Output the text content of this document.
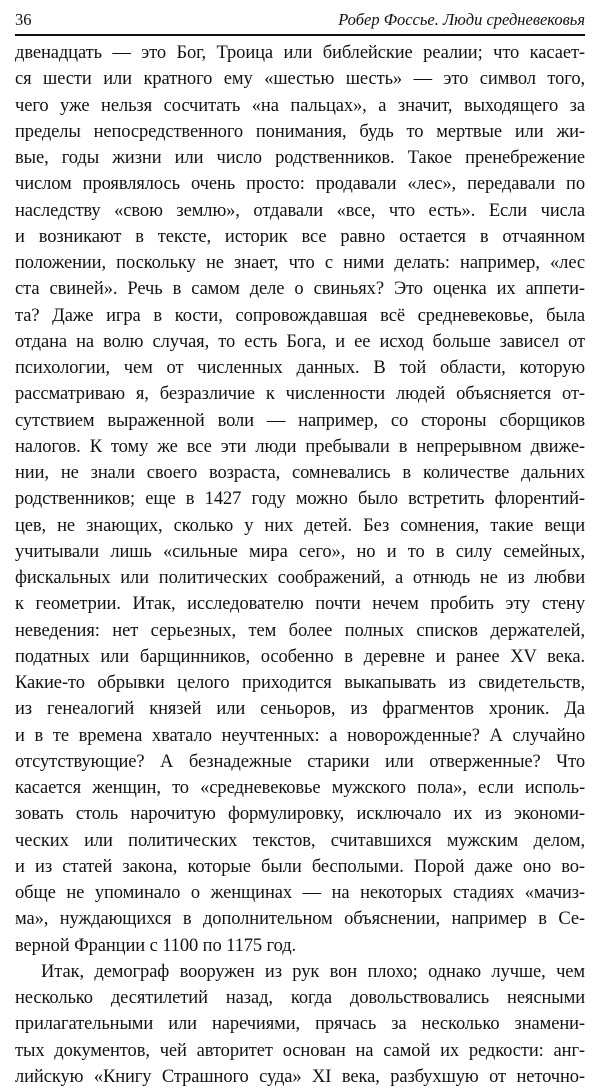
36	Робер Фоссье. Люди средневековья
двенадцать — это Бог, Троица или библейские реалии; что касает-
ся шести или кратного ему «шестью шесть» — это символ того,
чего уже нельзя сосчитать «на пальцах», а значит, выходящего за
пределы непосредственного понимания, будь то мертвые или жи-
вые, годы жизни или число родственников. Такое пренебрежение
числом проявлялось очень просто: продавали «лес», передавали по
наследству «свою землю», отдавали «все, что есть». Если числа
и возникают в тексте, историк все равно остается в отчаянном
положении, поскольку не знает, что с ними делать: например, «лес
ста свиней». Речь в самом деле о свиньях? Это оценка их аппети-
та? Даже игра в кости, сопровождавшая всё средневековье, была
отдана на волю случая, то есть Бога, и ее исход больше зависел от
психологии, чем от численных данных. В той области, которую
рассматриваю я, безразличие к численности людей объясняется от-
сутствием выраженной воли — например, со стороны сборщиков
налогов. К тому же все эти люди пребывали в непрерывном движе-
нии, не знали своего возраста, сомневались в количестве дальних
родственников; еще в 1427 году можно было встретить флорентий-
цев, не знающих, сколько у них детей. Без сомнения, такие вещи
учитывали лишь «сильные мира сего», но и то в силу семейных,
фискальных или политических соображений, а отнюдь не из любви
к геометрии. Итак, исследователю почти нечем пробить эту стену
неведения: нет серьезных, тем более полных списков держателей,
податных или барщинников, особенно в деревне и ранее XV века.
Какие-то обрывки целого приходится выкапывать из свидетельств,
из генеалогий князей или сеньоров, из фрагментов хроник. Да
и в те времена хватало неучтенных: а новорожденные? А случайно
отсутствующие? А безнадежные старики или отверженные? Что
касается женщин, то «средневековье мужского пола», если исполь-
зовать столь нарочитую формулировку, исключало их из экономи-
ческих или политических текстов, считавшихся мужским делом,
и из статей закона, которые были бесполыми. Порой даже оно во-
обще не упоминало о женщинах — на некоторых стадиях «мачиз-
ма», нуждающихся в дополнительном объяснении, например в Се-
верной Франции с 1100 по 1175 год.
Итак, демограф вооружен из рук вон плохо; однако лучше, чем
несколько десятилетий назад, когда довольствовались неясными
прилагательными или наречиями, прячась за несколько знамени-
тых документов, чей авторитет основан на самой их редкости: анг-
лийскую «Книгу Страшного суда» XI века, разбухшую от неточно-
